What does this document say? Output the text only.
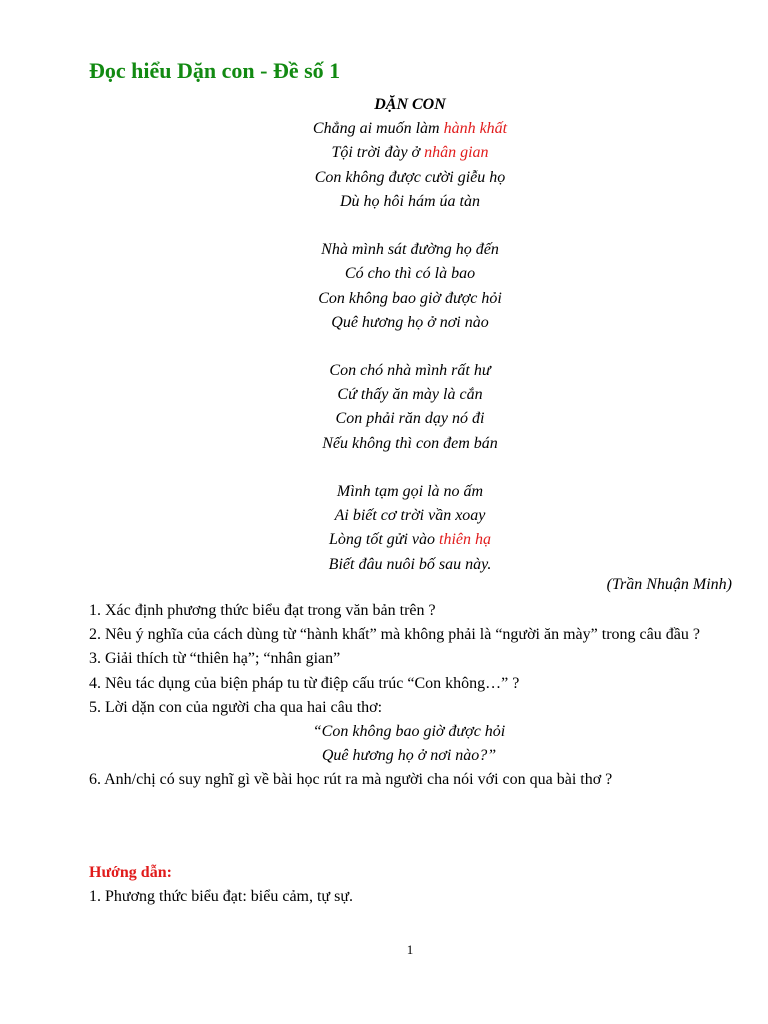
Đọc hiểu Dặn con - Đề số 1
DẶN CON
Chẳng ai muốn làm hành khất
Tội trời đày ở nhân gian
Con không được cười giễu họ
Dù họ hôi hám úa tàn
Nhà mình sát đường họ đến
Có cho thì có là bao
Con không bao giờ được hỏi
Quê hương họ ở nơi nào
Con chó nhà mình rất hư
Cứ thấy ăn mày là cắn
Con phải răn dạy nó đi
Nếu không thì con đem bán
Mình tạm gọi là no ấm
Ai biết cơ trời vần xoay
Lòng tốt gửi vào thiên hạ
Biết đâu nuôi bố sau này.
(Trần Nhuận Minh)
1. Xác định phương thức biểu đạt trong văn bản trên ?
2. Nêu ý nghĩa của cách dùng từ “hành khất” mà không phải là “người ăn mày” trong câu đầu ?
3. Giải thích từ “thiên hạ”; “nhân gian”
4. Nêu tác dụng của biện pháp tu từ điệp cấu trúc “Con không…” ?
5. Lời dặn con của người cha qua hai câu thơ:
“Con không bao giờ được hỏi
Quê hương họ ở nơi nào?”
6. Anh/chị có suy nghĩ gì về bài học rút ra mà người cha nói với con qua bài thơ ?
Hướng dẫn:
1. Phương thức biểu đạt: biểu cảm, tự sự.
1
